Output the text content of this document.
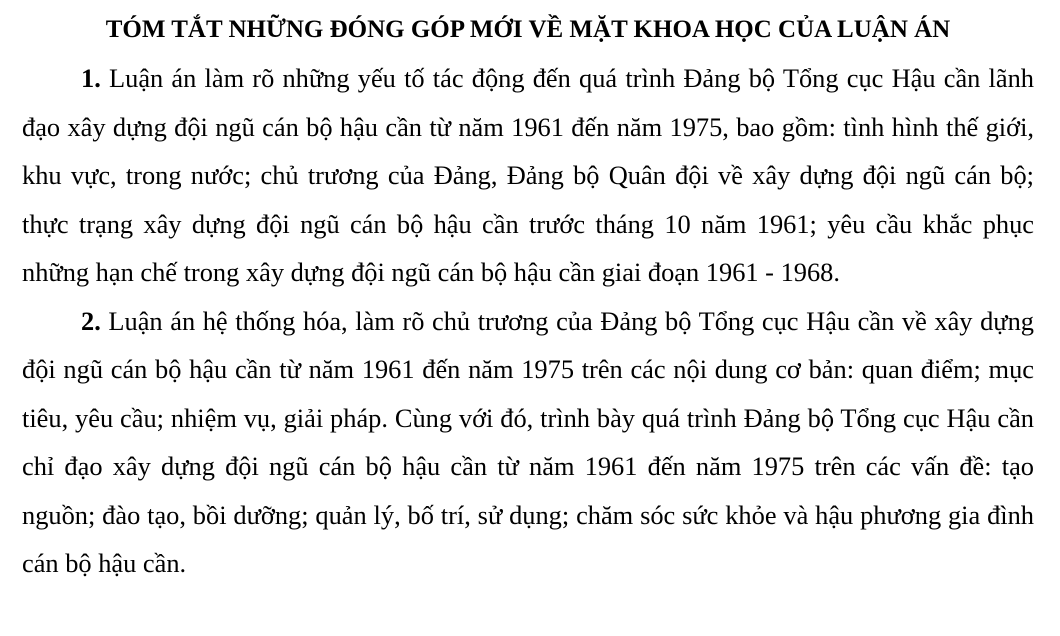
TÓM TẮT NHỮNG ĐÓNG GÓP MỚI VỀ MẶT KHOA HỌC CỦA LUẬN ÁN

1. Luận án làm rõ những yếu tố tác động đến quá trình Đảng bộ Tổng cục Hậu cần lãnh đạo xây dựng đội ngũ cán bộ hậu cần từ năm 1961 đến năm 1975, bao gồm: tình hình thế giới, khu vực, trong nước; chủ trương của Đảng, Đảng bộ Quân đội về xây dựng đội ngũ cán bộ; thực trạng xây dựng đội ngũ cán bộ hậu cần trước tháng 10 năm 1961; yêu cầu khắc phục những hạn chế trong xây dựng đội ngũ cán bộ hậu cần giai đoạn 1961 - 1968.

2. Luận án hệ thống hóa, làm rõ chủ trương của Đảng bộ Tổng cục Hậu cần về xây dựng đội ngũ cán bộ hậu cần từ năm 1961 đến năm 1975 trên các nội dung cơ bản: quan điểm; mục tiêu, yêu cầu; nhiệm vụ, giải pháp. Cùng với đó, trình bày quá trình Đảng bộ Tổng cục Hậu cần chỉ đạo xây dựng đội ngũ cán bộ hậu cần từ năm 1961 đến năm 1975 trên các vấn đề: tạo nguồn; đào tạo, bồi dưỡng; quản lý, bố trí, sử dụng; chăm sóc sức khỏe và hậu phương gia đình cán bộ hậu cần.
